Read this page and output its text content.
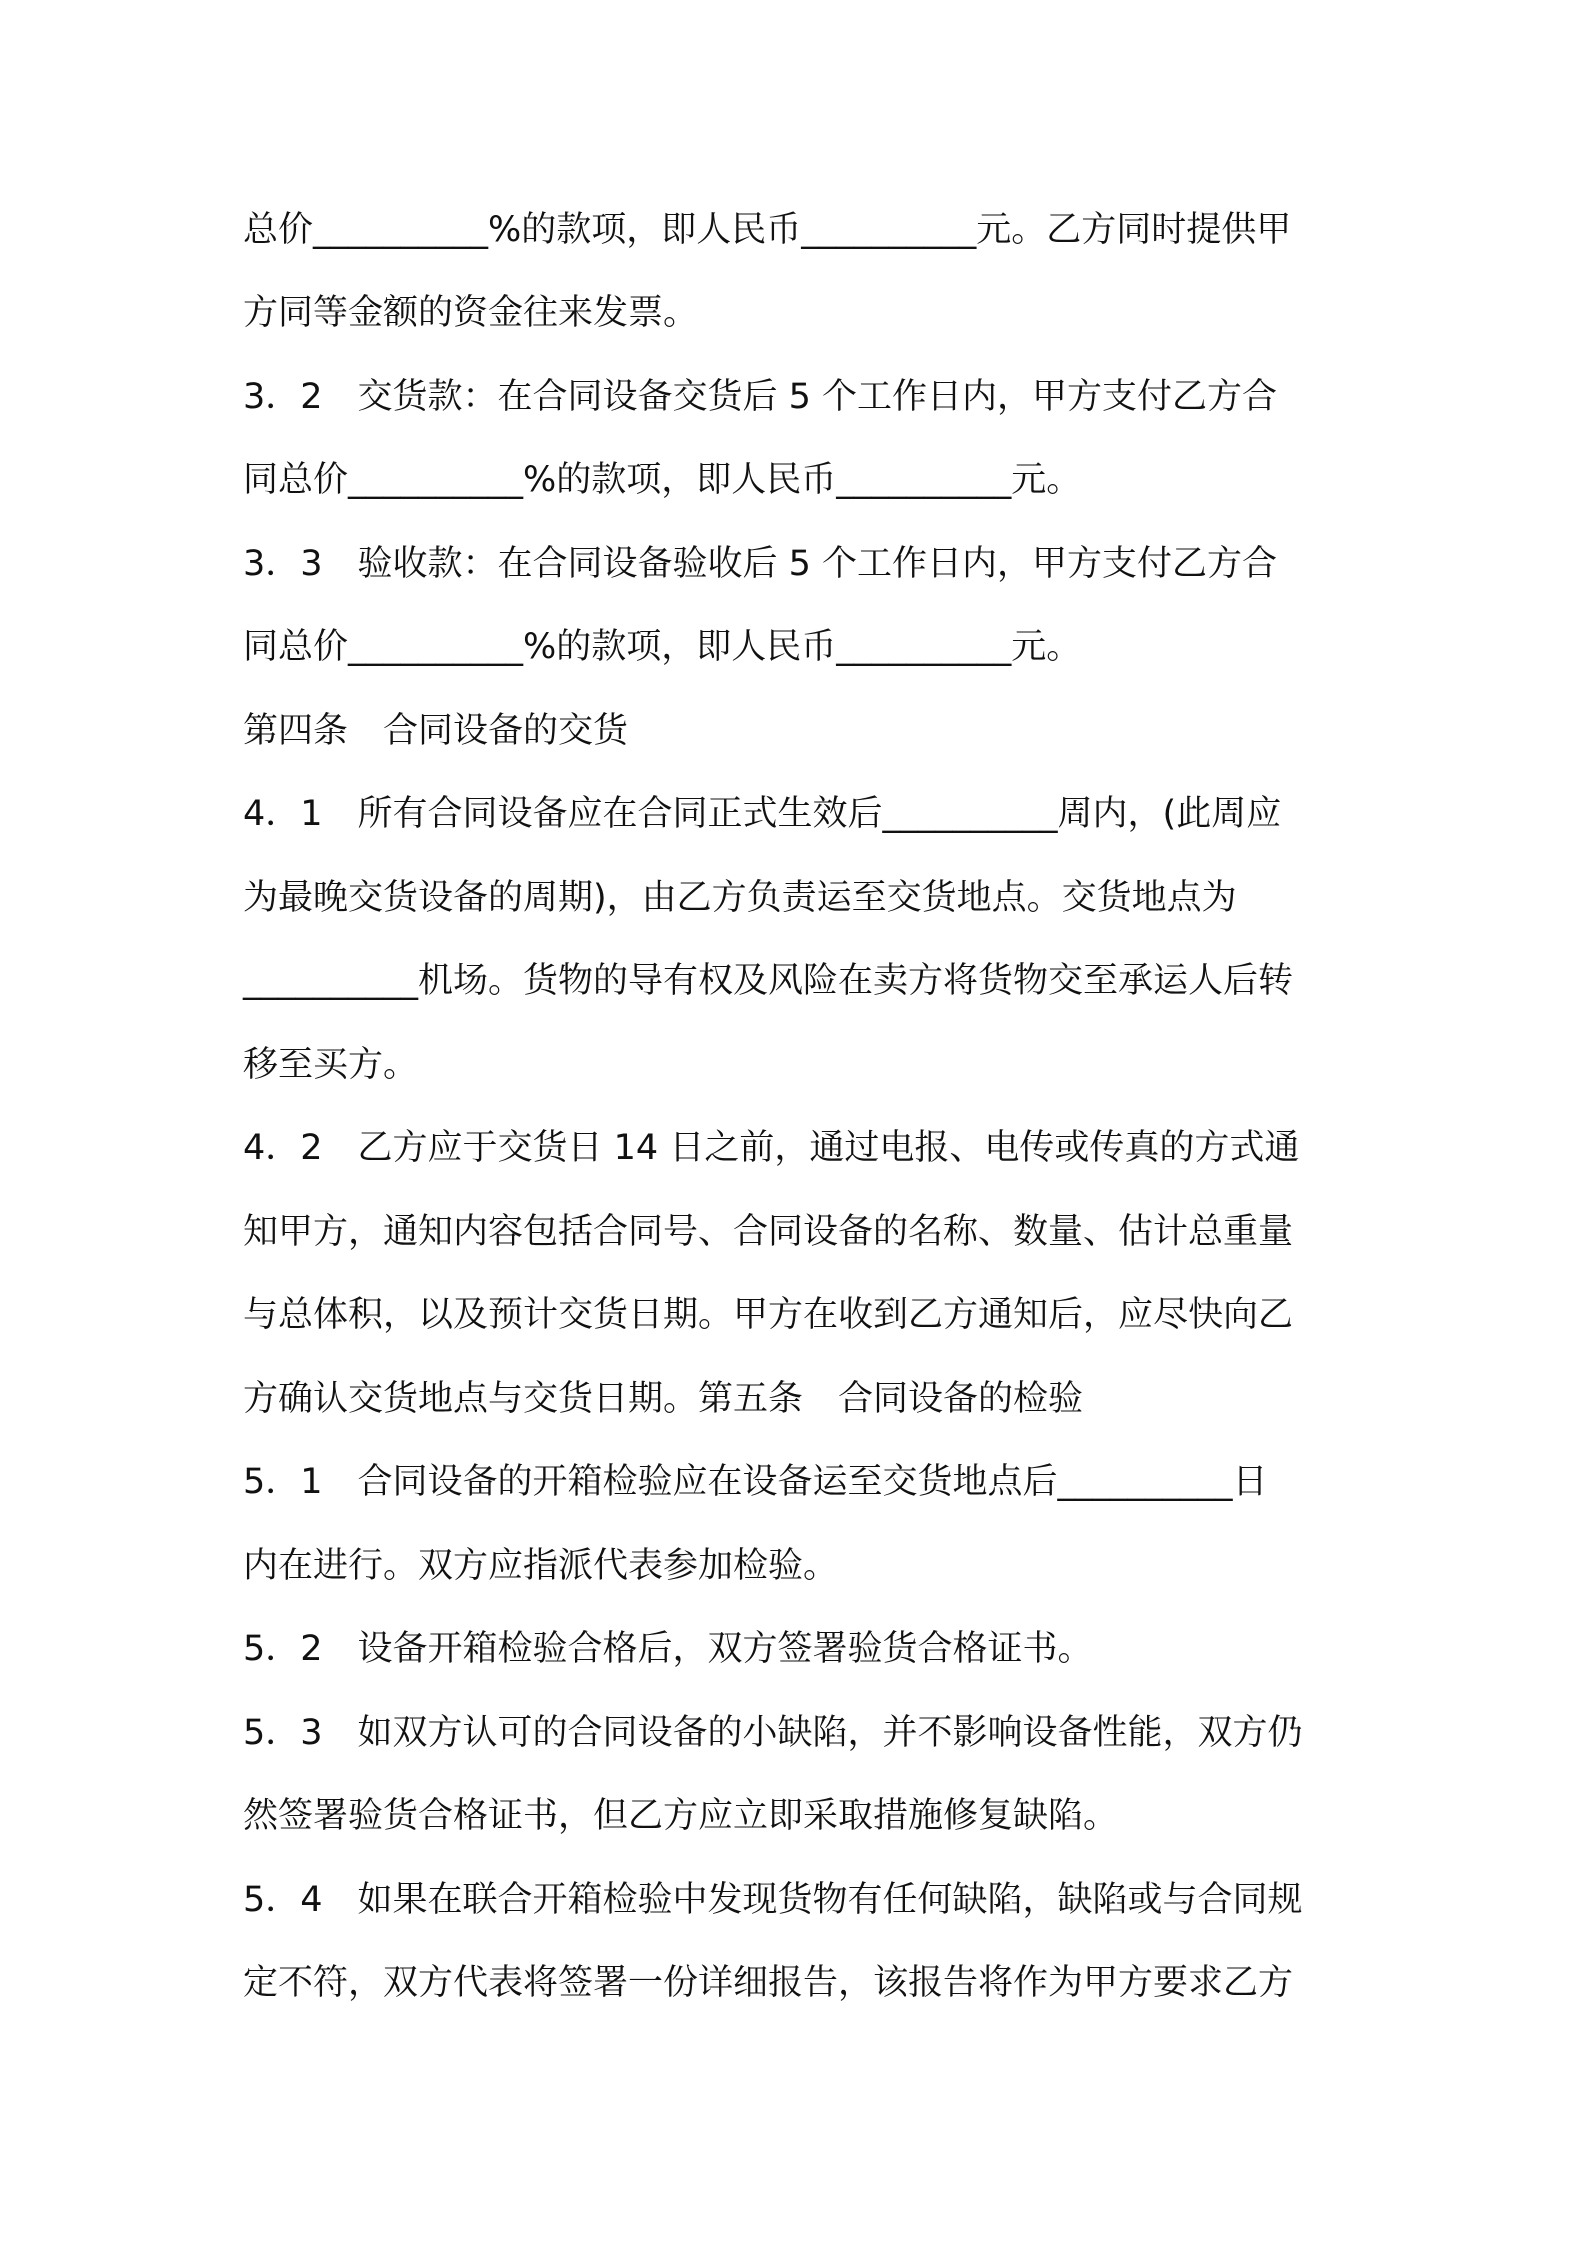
总价__________%的款项，即人民币__________元。乙方同时提供甲
方同等金额的资金往来发票。
3．2　交货款：在合同设备交货后 5 个工作日内，甲方支付乙方合
同总价__________%的款项，即人民币__________元。
3．3　验收款：在合同设备验收后 5 个工作日内，甲方支付乙方合
同总价__________%的款项，即人民币__________元。
第四条　合同设备的交货
4．1　所有合同设备应在合同正式生效后__________周内，(此周应
为最晚交货设备的周期)，由乙方负责运至交货地点。交货地点为
__________机场。货物的导有权及风险在卖方将货物交至承运人后转
移至买方。
4．2　乙方应于交货日 14 日之前，通过电报、电传或传真的方式通
知甲方，通知内容包括合同号、合同设备的名称、数量、估计总重量
与总体积，以及预计交货日期。甲方在收到乙方通知后，应尽快向乙
方确认交货地点与交货日期。第五条　合同设备的检验
5．1　合同设备的开箱检验应在设备运至交货地点后__________日
内在进行。双方应指派代表参加检验。
5．2　设备开箱检验合格后，双方签署验货合格证书。
5．3　如双方认可的合同设备的小缺陷，并不影响设备性能，双方仍
然签署验货合格证书，但乙方应立即采取措施修复缺陷。
5．4　如果在联合开箱检验中发现货物有任何缺陷，缺陷或与合同规
定不符，双方代表将签署一份详细报告，该报告将作为甲方要求乙方
